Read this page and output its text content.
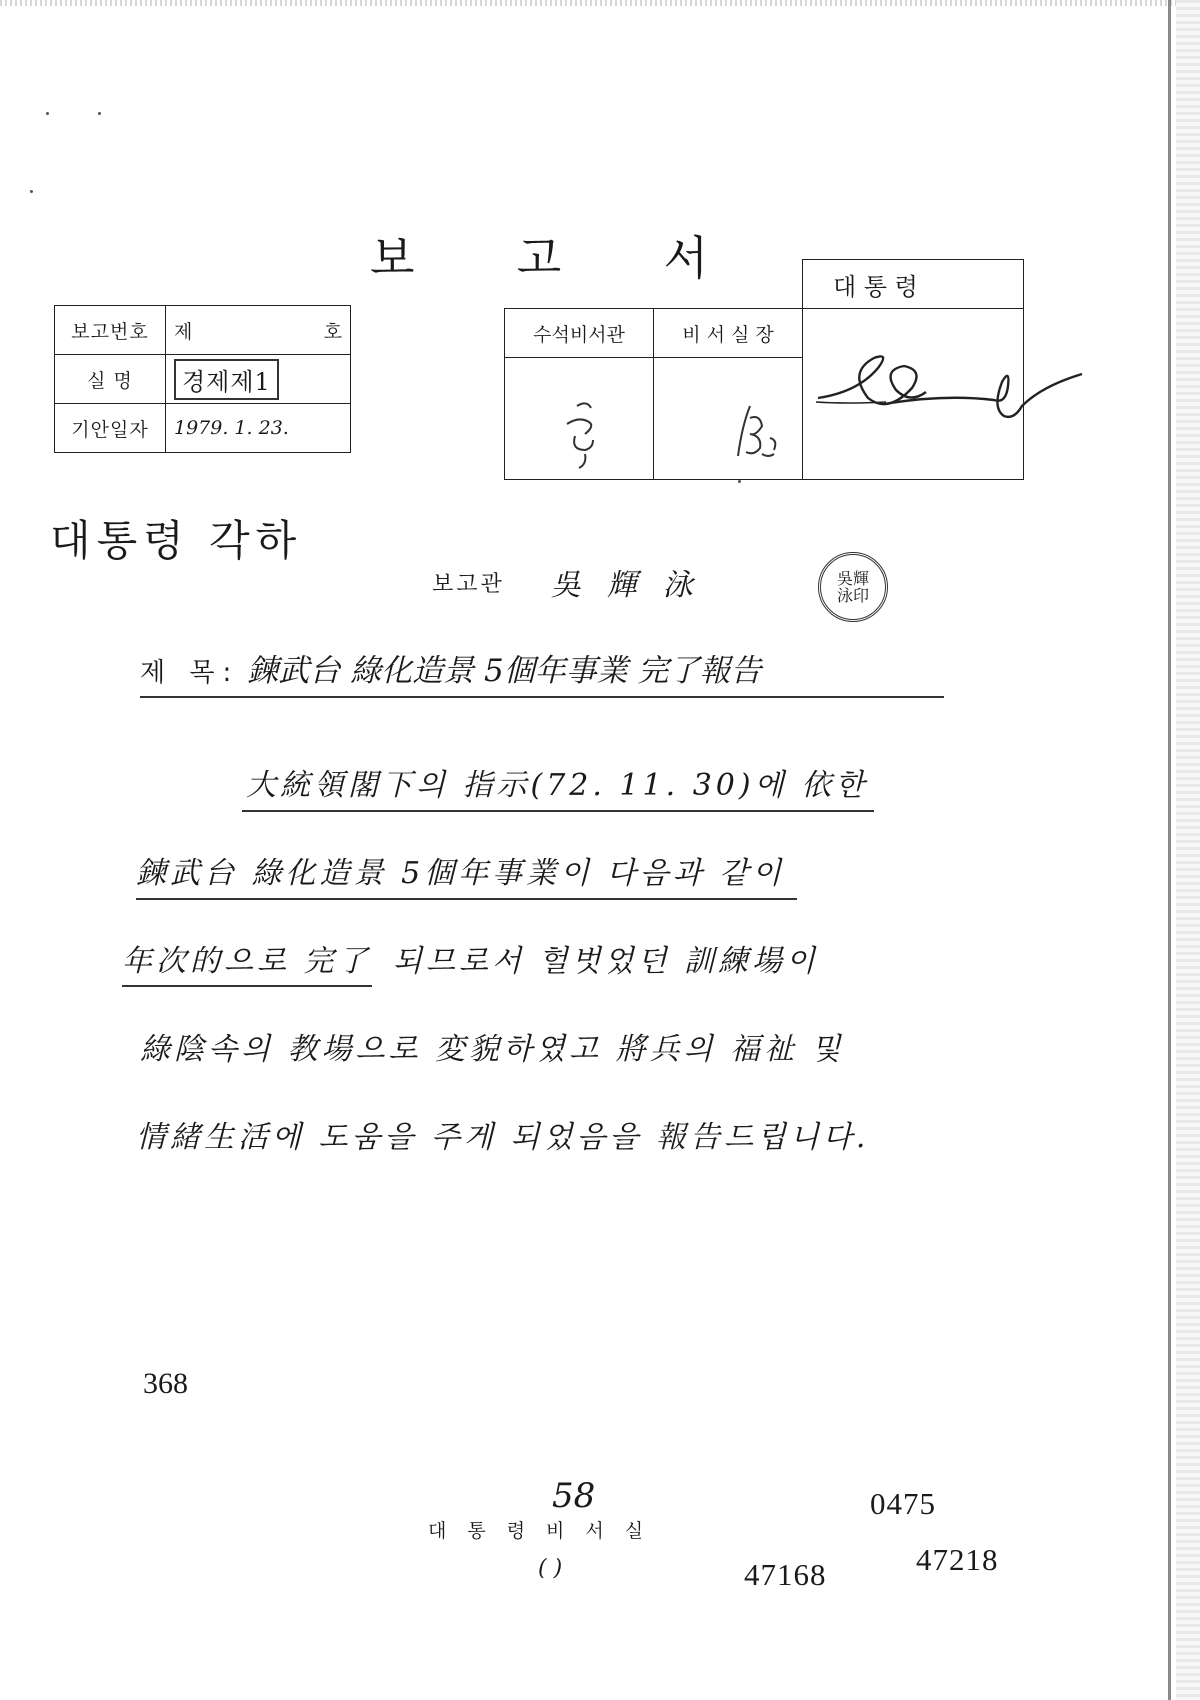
보 고 서
보고번호	제 호

실 명	경제제1
기안일자	1979. 1. 23.

대 통 령

수석비서관	비 서 실 장	

대통령 각하
보고관 吳輝泳	吳輝
泳印
제 목: 鍊武台 綠化造景 5個年事業 完了報告
大統領閣下의 指示(72. 11. 30)에 依한
鍊武台 綠化造景 5個年事業이 다음과 같이
年次的으로 完了 되므로서 헐벗었던 訓練場이
綠陰속의 教場으로 変貌하였고 將兵의 福祉 및
情緒生活에 도움을 주게 되었음을 報告드립니다.
368
58
대통령비서실
( )
0475
47168	47218
